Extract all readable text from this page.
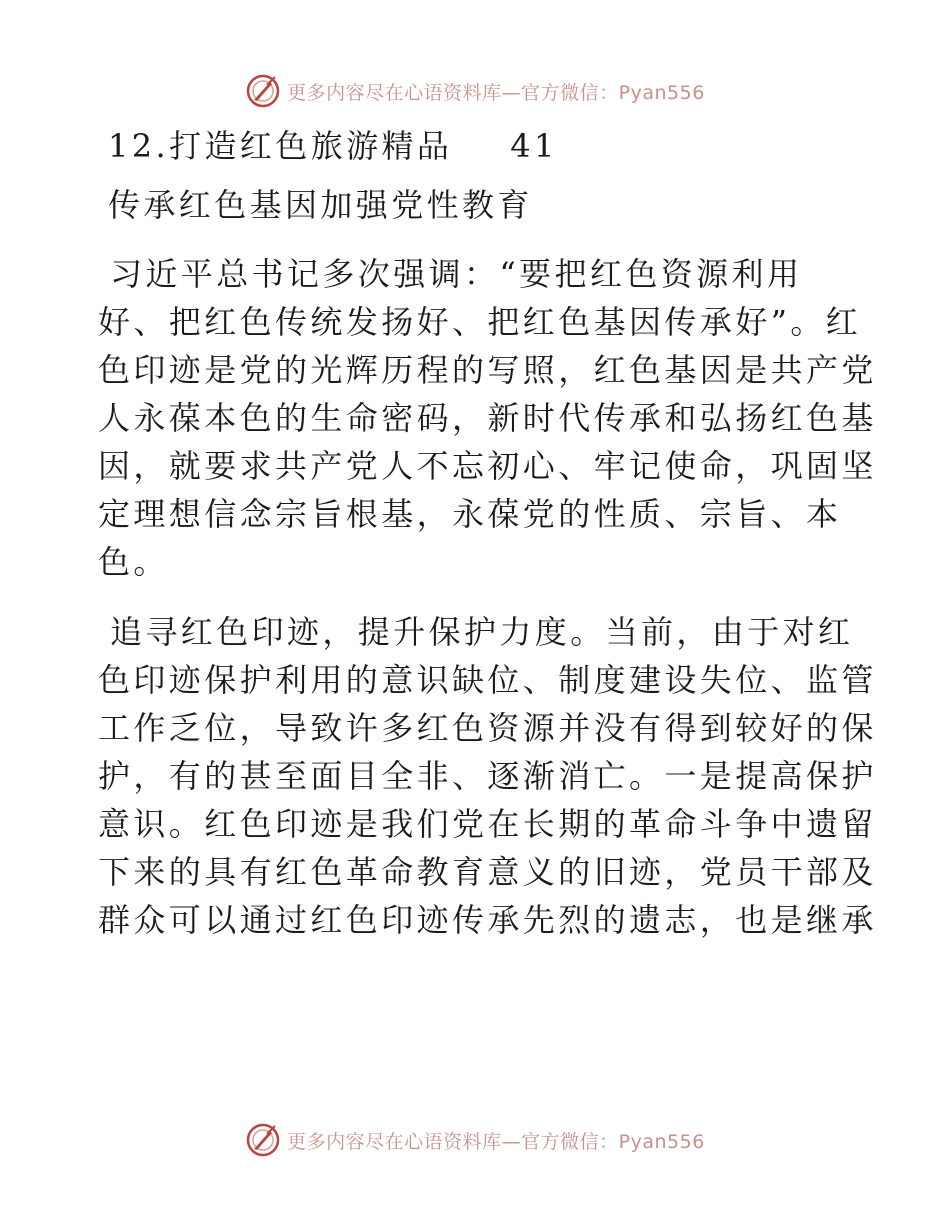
更多内容尽在心语资料库—官方微信：Pyan556
12.打造红色旅游精品 41
传承红色基因加强党性教育
习近平总书记多次强调：“要把红色资源利用
好、把红色传统发扬好、把红色基因传承好”。红
色印迹是党的光辉历程的写照，红色基因是共产党
人永葆本色的生命密码，新时代传承和弘扬红色基
因，就要求共产党人不忘初心、牢记使命，巩固坚
定理想信念宗旨根基，永葆党的性质、宗旨、本
色。
追寻红色印迹，提升保护力度。当前，由于对红
色印迹保护利用的意识缺位、制度建设失位、监管
工作乏位，导致许多红色资源并没有得到较好的保
护，有的甚至面目全非、逐渐消亡。一是提高保护
意识。红色印迹是我们党在长期的革命斗争中遗留
下来的具有红色革命教育意义的旧迹，党员干部及
群众可以通过红色印迹传承先烈的遗志，也是继承
更多内容尽在心语资料库—官方微信：Pyan556
